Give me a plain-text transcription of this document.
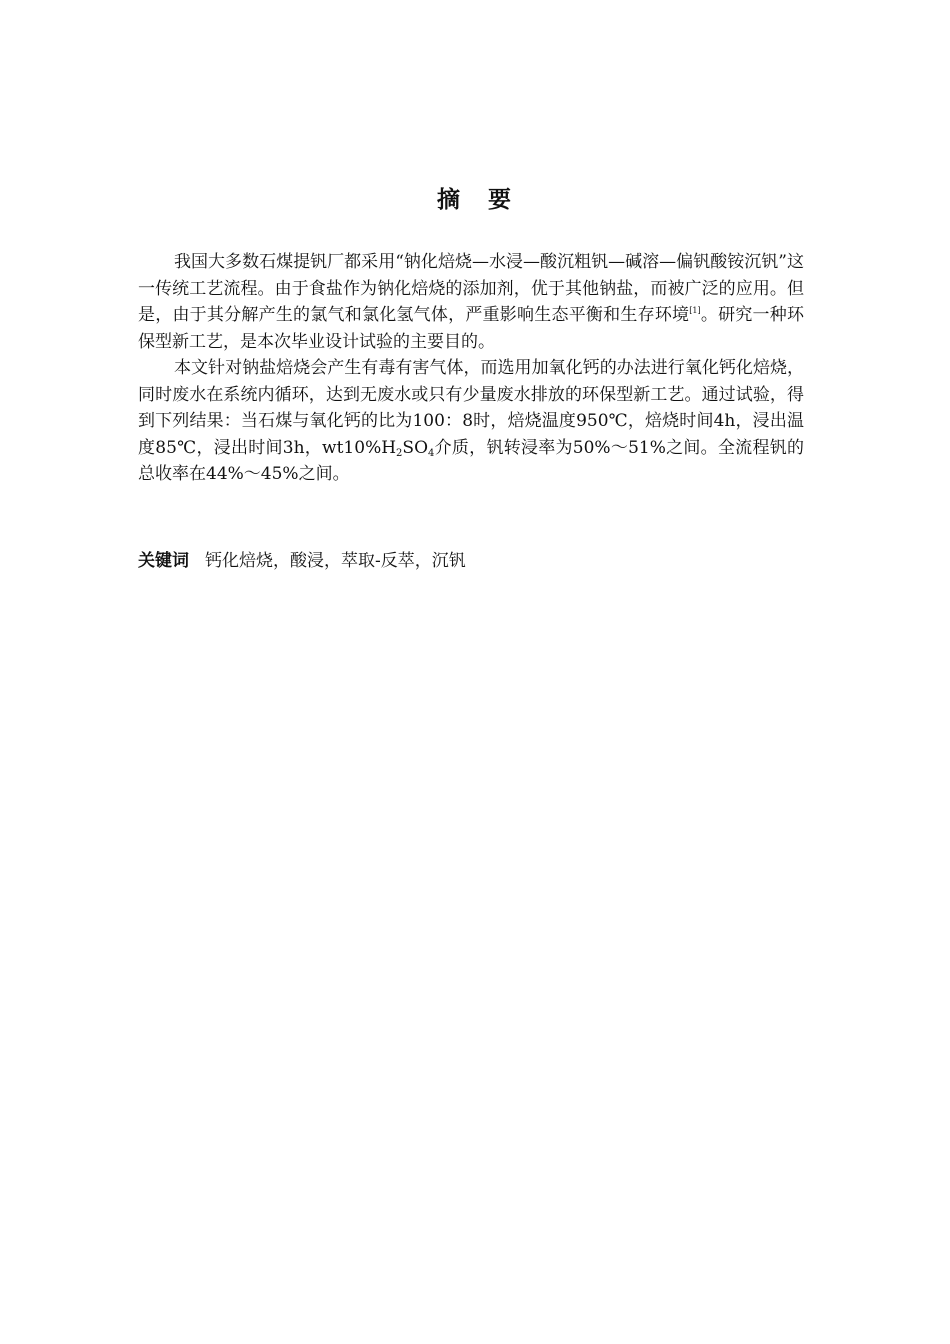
摘 要

我国大多数石煤提钒厂都采用“钠化焙烧—水浸—酸沉粗钒—碱溶—偏钒酸铵沉钒”这一传统工艺流程。由于食盐作为钠化焙烧的添加剂，优于其他钠盐，而被广泛的应用。但是，由于其分解产生的氯气和氯化氢气体，严重影响生态平衡和生存环境[1]。研究一种环保型新工艺，是本次毕业设计试验的主要目的。

本文针对钠盐焙烧会产生有毒有害气体，而选用加氧化钙的办法进行氧化钙化焙烧，同时废水在系统内循环，达到无废水或只有少量废水排放的环保型新工艺。通过试验，得到下列结果：当石煤与氧化钙的比为100：8时，焙烧温度950℃，焙烧时间4h，浸出温度85℃，浸出时间3h，$wt10\%H_2SO_4$介质，钒转浸率为50%～51%之间。全流程钒的总收率在44%～45%之间。

关键词 钙化焙烧，酸浸，萃取-反萃，沉钒
